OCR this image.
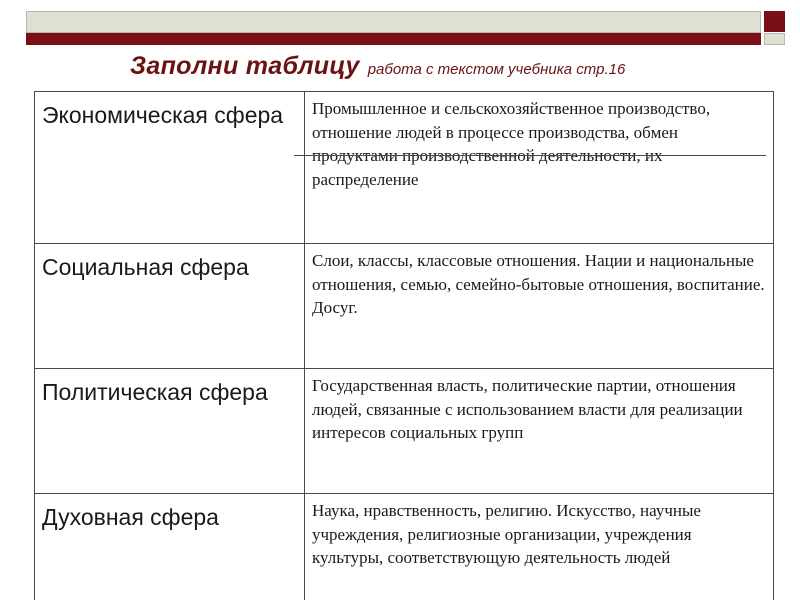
Заполни таблицу работа с текстом учебника стр.16
Экономическая сфера	Промышленное и сельскохозяйственное производство, отношение людей в процессе производства, обмен продуктами производственной деятельности, их распределение
Социальная сфера	Слои, классы, классовые отношения. Нации и национальные отношения, семью, семейно-бытовые отношения, воспитание. Досуг.
Политическая сфера	Государственная власть, политические партии, отношения людей, связанные с использованием власти для реализации интересов социальных групп
Духовная сфера	Наука, нравственность, религию. Искусство, научные учреждения, религиозные организации, учреждения культуры, соответствующую деятельность людей
